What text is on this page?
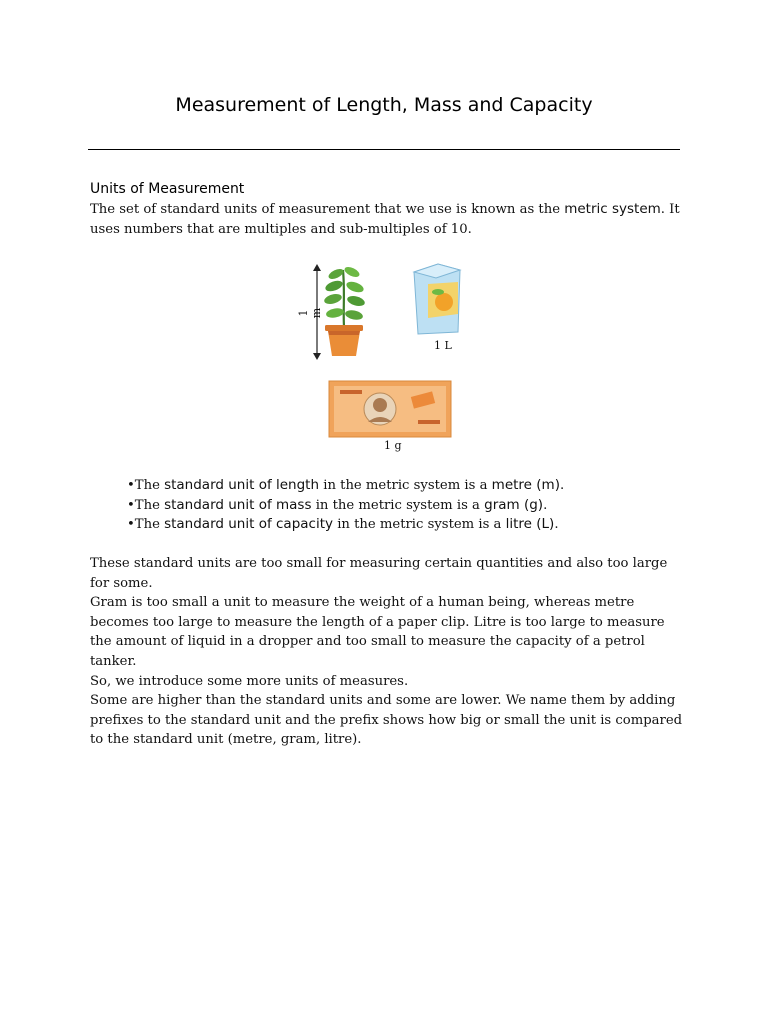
Measurement of Length, Mass and Capacity
Units of Measurement
The set of standard units of measurement that we use is known as the metric system. It uses numbers that are multiples and sub-multiples of 10.
1 m
1 L
1 g
•The standard unit of length in the metric system is a metre (m).
•The standard unit of mass in the metric system is a gram (g).
•The standard unit of capacity in the metric system is a litre (L).
These standard units are too small for measuring certain quantities and also too large for some.
Gram is too small a unit to measure the weight of a human being, whereas metre becomes too large to measure the length of a paper clip. Litre is too large to measure the amount of liquid in a dropper and too small to measure the capacity of a petrol tanker.
So, we introduce some more units of measures.
Some are higher than the standard units and some are lower. We name them by adding prefixes to the standard unit and the prefix shows how big or small the unit is compared to the standard unit (metre, gram, litre).
